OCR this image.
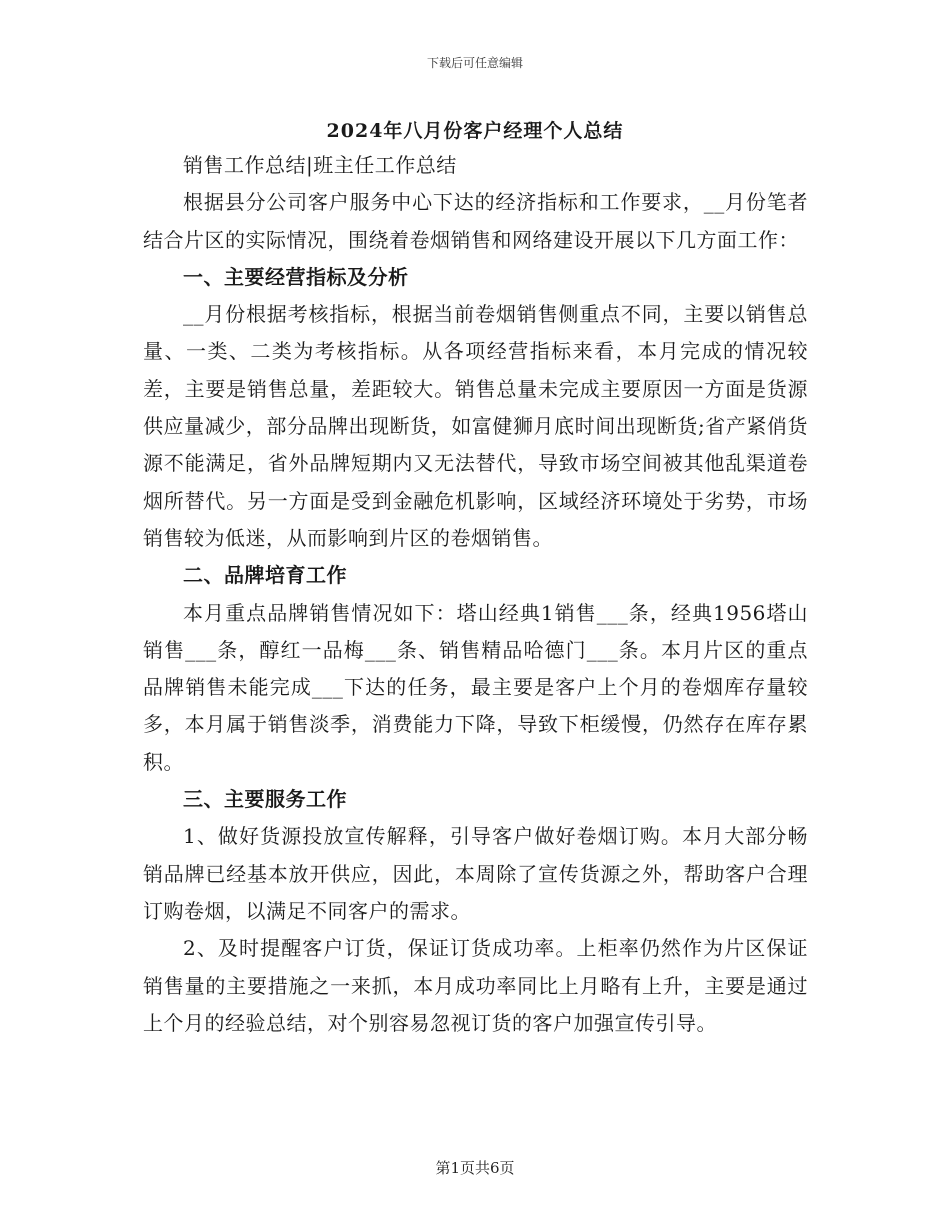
下载后可任意编辑
2024年八月份客户经理个人总结

销售工作总结|班主任工作总结

根据县分公司客户服务中心下达的经济指标和工作要求，__月份笔者结合片区的实际情况，围绕着卷烟销售和网络建设开展以下几方面工作：

一、主要经营指标及分析

__月份根据考核指标，根据当前卷烟销售侧重点不同，主要以销售总量、一类、二类为考核指标。从各项经营指标来看，本月完成的情况较差，主要是销售总量，差距较大。销售总量未完成主要原因一方面是货源供应量减少，部分品牌出现断货，如富健狮月底时间出现断货;省产紧俏货源不能满足，省外品牌短期内又无法替代，导致市场空间被其他乱渠道卷烟所替代。另一方面是受到金融危机影响，区域经济环境处于劣势，市场销售较为低迷，从而影响到片区的卷烟销售。

二、品牌培育工作

本月重点品牌销售情况如下：塔山经典1销售___条，经典1956塔山销售___条，醇红一品梅___条、销售精品哈德门___条。本月片区的重点品牌销售未能完成___下达的任务，最主要是客户上个月的卷烟库存量较多，本月属于销售淡季，消费能力下降，导致下柜缓慢，仍然存在库存累积。

三、主要服务工作

1、做好货源投放宣传解释，引导客户做好卷烟订购。本月大部分畅销品牌已经基本放开供应，因此，本周除了宣传货源之外，帮助客户合理订购卷烟，以满足不同客户的需求。

2、及时提醒客户订货，保证订货成功率。上柜率仍然作为片区保证销售量的主要措施之一来抓，本月成功率同比上月略有上升，主要是通过上个月的经验总结，对个别容易忽视订货的客户加强宣传引导。

第1页共6页
